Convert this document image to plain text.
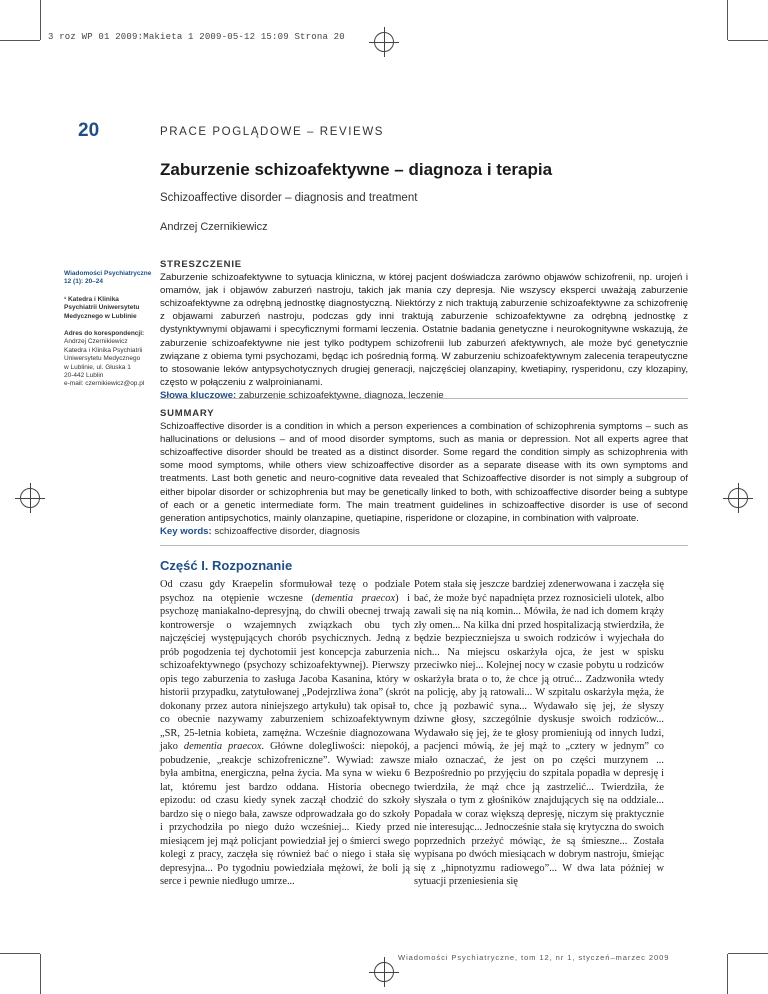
3 roz WP 01 2009:Makieta 1 2009-05-12 15:09 Strona 20
20	PRACE POGLĄDOWE – REVIEWS
Zaburzenie schizoafektywne – diagnoza i terapia
Schizoaffective disorder – diagnosis and treatment
Andrzej Czernikiewicz
Wiadomości Psychiatryczne 12 (1): 20–24
¹ Katedra i Klinika Psychiatrii Uniwersytetu Medycznego w Lublinie
Adres do korespondencji:
Andrzej Czernikiewicz
Katedra i Klinika Psychiatrii
Uniwersytetu Medycznego
w Lublinie, ul. Głuska 1
20-442 Lublin
e-mail: czernikiewicz@op.pl
STRESZCZENIE
Zaburzenie schizoafektywne to sytuacja kliniczna, w której pacjent doświadcza zarówno objawów schizofrenii, np. urojeń i omamów, jak i objawów zaburzeń nastroju, takich jak mania czy depresja. Nie wszyscy eksperci uważają zaburzenie schizoafektywne za odrębną jednostkę diagnostyczną. Niektórzy z nich traktują zaburzenie schizoafektywne za schizofrenię z objawami zaburzeń nastroju, podczas gdy inni traktują zaburzenie schizoafektywne za odrębną jednostkę z dystynktywnymi objawami i specyficznymi formami leczenia. Ostatnie badania genetyczne i neurokognitywne wskazują, że zaburzenie schizoafektywne nie jest tylko podtypem schizofrenii lub zaburzeń afektywnych, ale może być genetycznie związane z obiema tymi psychozami, będąc ich pośrednią formą. W zaburzeniu schizoafektywnym zalecenia terapeutyczne to stosowanie leków antypsychotycznych drugiej generacji, najczęściej olanzapiny, kwetiapiny, rysperidonu, czy klozapiny, często w połączeniu z walproinianami.
Słowa kluczowe: zaburzenie schizoafektywne, diagnoza, leczenie
SUMMARY
Schizoaffective disorder is a condition in which a person experiences a combination of schizophrenia symptoms – such as hallucinations or delusions – and of mood disorder symptoms, such as mania or depression. Not all experts agree that schizoaffective disorder should be treated as a distinct disorder. Some regard the condition simply as schizophrenia with some mood symptoms, while others view schizoaffective disorder as a separate disease with its own symptoms and treatments. Last both genetic and neuro-cognitive data revealed that Schizoaffective disorder is not simply a subgroup of either bipolar disorder or schizophrenia but may be genetically linked to both, with schizoaffective disorder being a subtype of each or a genetic intermediate form. The main treatment guidelines in schizoaffective disorder is use of second generation antipsychotics, mainly olanzapine, quetiapine, risperidone or clozapine, in combination with valproate.
Key words: schizoaffective disorder, diagnosis
Część I. Rozpoznanie

Od czasu gdy Kraepelin sformułował tezę o podziale psychoz na otępienie wczesne (dementia praecox) i psychozę maniakalno-depresyjną, do chwili obecnej trwają kontrowersje o wzajemnych związkach obu tych najczęściej występujących chorób psychicznych. Jedną z prób pogodzenia tej dychotomii jest koncepcja zaburzenia schizoafektywnego (psychozy schizoafektywnej). Pierwszy opis tego zaburzenia to zasługa Jacoba Kasanina, który w historii przypadku, zatytułowanej „Podejrzliwa żona” (skrót dokonany przez autora niniejszego artykułu) tak opisał to, co obecnie nazywamy zaburzeniem schizoafektywnym „SR, 25-letnia kobieta, zamężna. Wcześnie diagnozowana jako dementia praecox. Główne dolegliwości: niepokój, pobudzenie, „reakcje schizofreniczne”. Wywiad: zawsze była ambitna, energiczna, pełna życia. Ma syna w wieku 6 lat, któremu jest bardzo oddana. Historia obecnego epizodu: od czasu kiedy synek zaczął chodzić do szkoły bardzo się o niego bała, zawsze odprowadzała go do szkoły i przychodziła po niego dużo wcześniej... Kiedy przed miesiącem jej mąż policjant powiedział jej o śmierci swego kolegi z pracy, zaczęła się również bać o niego i stała się depresyjna... Po tygodniu powiedziała mężowi, że boli ją serce i pewnie niedługo umrze...

Potem stała się jeszcze bardziej zdenerwowana i zaczęła się bać, że może być napadnięta przez roznosicieli ulotek, albo zawali się na nią komin... Mówiła, że nad ich domem krąży zły omen... Na kilka dni przed hospitalizacją stwierdziła, że będzie bezpieczniejsza u swoich rodziców i wyjechała do nich... Na miejscu oskarżyła ojca, że jest w spisku przeciwko niej... Kolejnej nocy w czasie pobytu u rodziców oskarżyła brata o to, że chce ją otruć... Zadzwoniła wtedy na policję, aby ją ratowali... W szpitalu oskarżyła męża, że chce ją pozbawić syna... Wydawało się jej, że słyszy dziwne głosy, szczególnie dyskusje swoich rodziców... Wydawało się jej, że te głosy promieniują od innych ludzi, a pacjenci mówią, że jej mąż to „cztery w jednym” co miało oznaczać, że jest on po części murzynem ... Bezpośrednio po przyjęciu do szpitala popadła w depresję i twierdziła, że mąż chce ją zastrzelić... Twierdziła, że słyszała o tym z głośników znajdujących się na oddziale... Popadała w coraz większą depresję, niczym się praktycznie nie interesując... Jednocześnie stała się krytyczna do swoich poprzednich przeżyć mówiąc, że są śmieszne... Została wypisana po dwóch miesiącach w dobrym nastroju, śmiejąc się z „hipnotyzmu radiowego”... W dwa lata później w sytuacji przeniesienia się

Wiadomości Psychiatryczne, tom 12, nr 1, styczeń–marzec 2009
